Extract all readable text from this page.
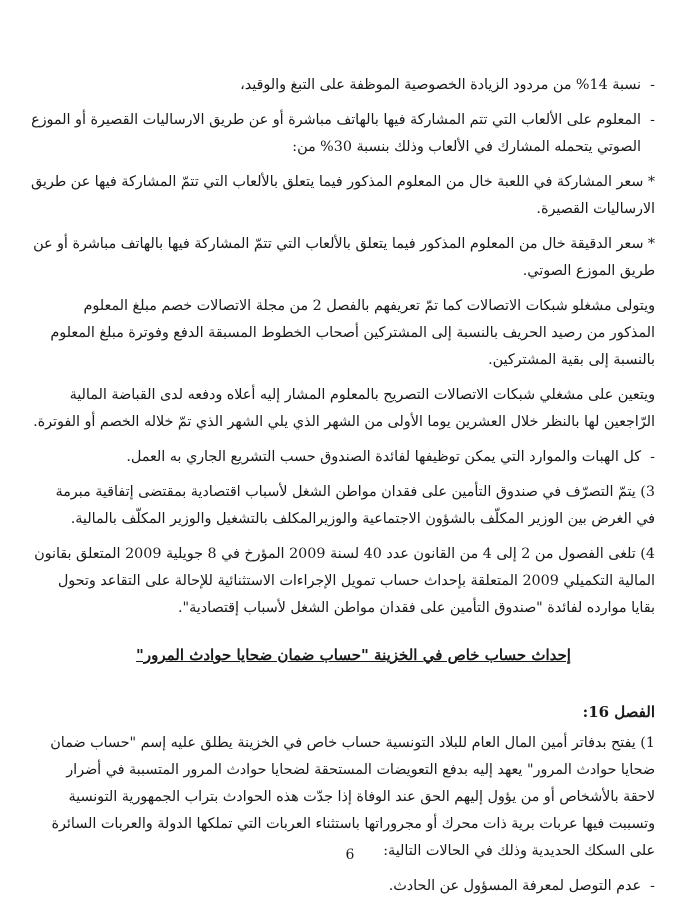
-
نسبة 14% من مردود الزيادة الخصوصية الموظفة على التبغ والوقيد،
-
المعلوم على الألعاب التي تتم المشاركة فيها بالهاتف مباشرة أو عن طريق الارساليات القصيرة أو الموزع
الصوتي يتحمله المشارك في الألعاب وذلك بنسبة 30% من:
* سعر المشاركة في اللعبة خال من المعلوم المذكور فيما يتعلق بالألعاب التي تتمّ المشاركة فيها عن طريق
الارساليات القصيرة.
* سعر الدقيقة خال من المعلوم المذكور فيما يتعلق بالألعاب التي تتمّ المشاركة فيها بالهاتف مباشرة أو عن
طريق الموزع الصوتي.
ويتولى مشغلو شبكات الاتصالات كما تمّ تعريفهم بالفصل 2 من مجلة الاتصالات خصم مبلغ المعلوم
المذكور من رصيد الحريف بالنسبة إلى المشتركين أصحاب الخطوط المسبقة الدفع وفوترة مبلغ المعلوم
بالنسبة إلى بقية المشتركين.
ويتعين على مشغلي شبكات الاتصالات التصريح بالمعلوم المشار إليه أعلاه ودفعه لدى القباضة المالية
الرّاجعين لها بالنظر خلال العشرين يوما الأولى من الشهر الذي يلي الشهر الذي تمّ خلاله الخصم أو الفوترة.
-
كل الهبات والموارد التي يمكن توظيفها لفائدة الصندوق حسب التشريع الجاري به العمل.
3) يتمّ التصرّف في صندوق التأمين على فقدان مواطن الشغل لأسباب اقتصادية بمقتضى إتفاقية مبرمة
في الغرض بين الوزير المكلّف بالشؤون الاجتماعية والوزيرالمكلف بالتشغيل والوزير المكلّف بالمالية.
4) تلغى الفصول من 2 إلى 4 من القانون عدد 40 لسنة 2009 المؤرخ في 8 جويلية 2009 المتعلق بقانون
المالية التكميلي 2009 المتعلقة بإحداث حساب تمويل الإجراءات الاستثنائية للإحالة على التقاعد وتحول
بقايا موارده لفائدة "صندوق التأمين على فقدان مواطن الشغل لأسباب إقتصادية".
إحداث حساب خاص في الخزينة "حساب ضمان ضحايا حوادث المرور"
الفصل 16:
1) يفتح بدفاتر أمين المال العام للبلاد التونسية حساب خاص في الخزينة يطلق عليه إسم "حساب ضمان
ضحايا حوادث المرور" يعهد إليه بدفع التعويضات المستحقة لضحايا حوادث المرور المتسببة في أضرار
لاحقة بالأشخاص أو من يؤول إليهم الحق عند الوفاة إذا جدّت هذه الحوادث بتراب الجمهورية التونسية
وتسببت فيها عربات برية ذات محرك أو مجروراتها باستثناء العربات التي تملكها الدولة والعربات السائرة
على السكك الحديدية وذلك في الحالات التالية:
-
عدم التوصل لمعرفة المسؤول عن الحادث.
6
